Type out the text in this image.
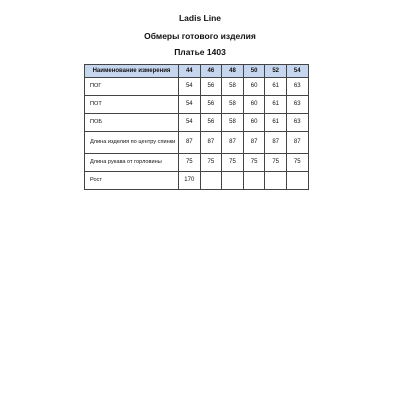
Ladis Line
Обмеры готового изделия
Платье 1403
Наименование измерения	44	46	48	50	52	54
ПОГ	54	56	58	60	61	63
ПОТ	54	56	58	60	61	63
ПОБ	54	56	58	60	61	63
Длина изделия по центру спинки	87	87	87	87	87	87
Длина рукава от горловины	75	75	75	75	75	75
Рост	170					
